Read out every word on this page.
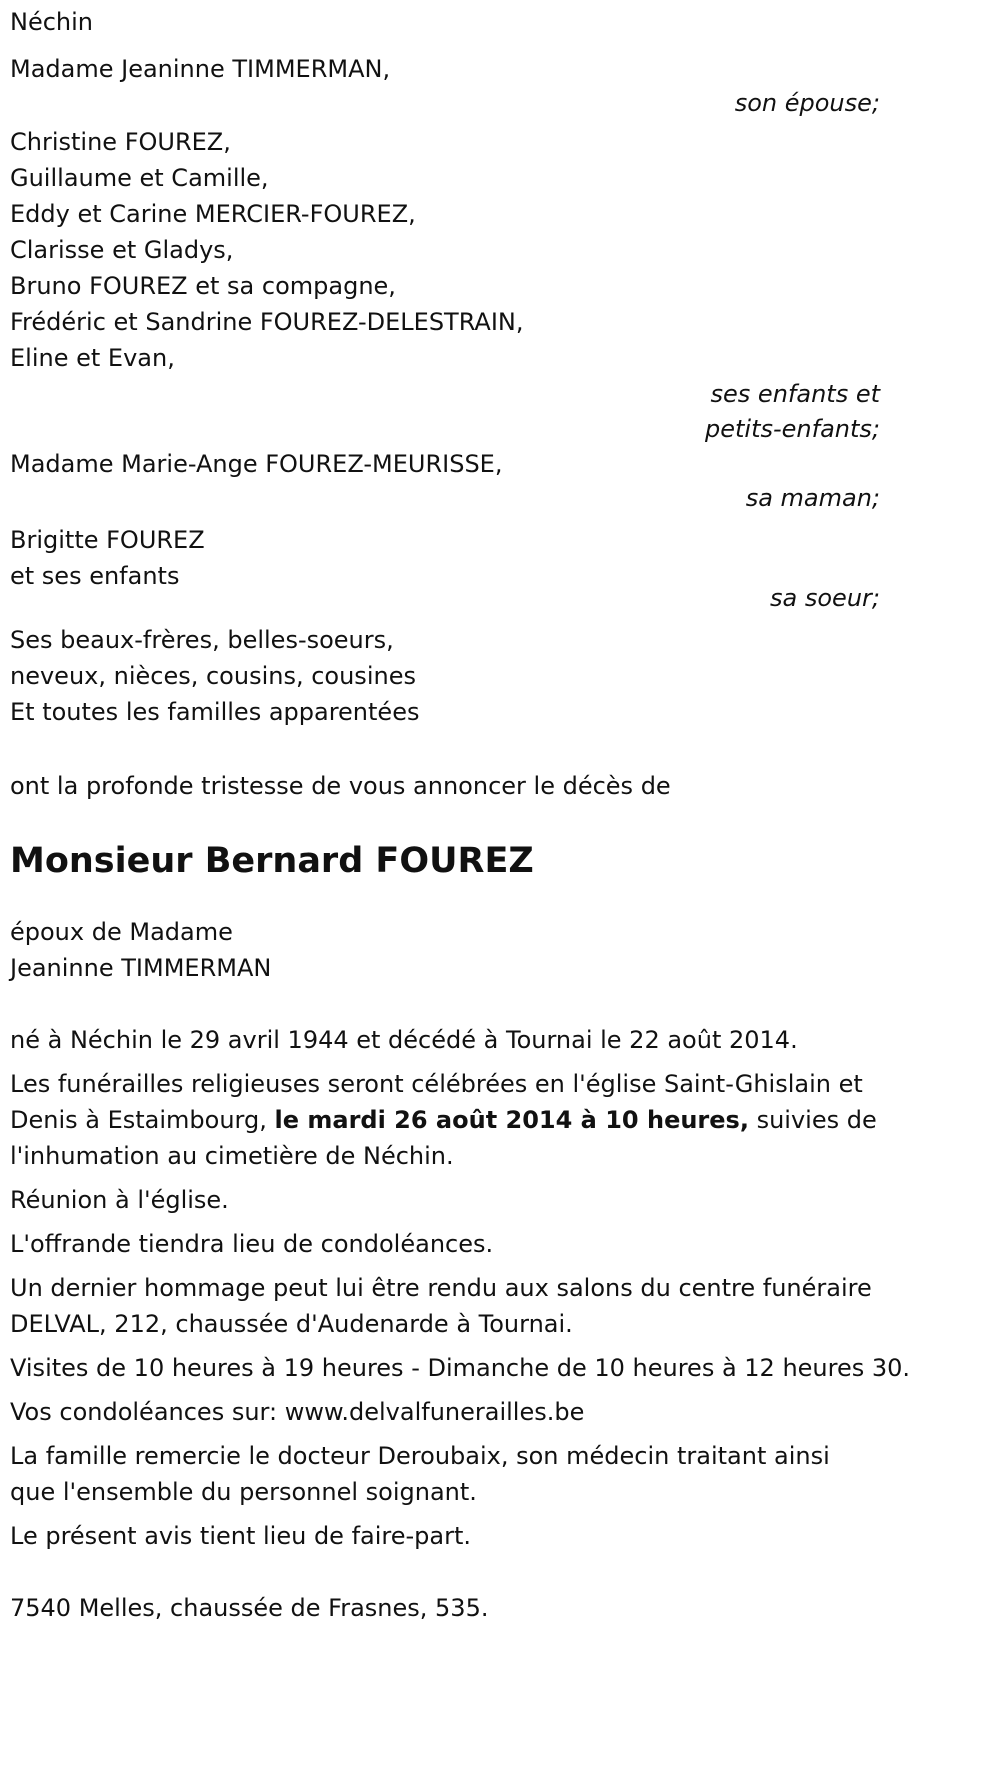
Néchin
Madame Jeaninne TIMMERMAN,
son épouse;
Christine FOUREZ,
Guillaume et Camille,
Eddy et Carine MERCIER-FOUREZ,
Clarisse et Gladys,
Bruno FOUREZ et sa compagne,
Frédéric et Sandrine FOUREZ-DELESTRAIN,
Eline et Evan,
ses enfants et
petits-enfants;
Madame Marie-Ange FOUREZ-MEURISSE,
sa maman;
Brigitte FOUREZ
et ses enfants
sa soeur;
Ses beaux-frères, belles-soeurs,
neveux, nièces, cousins, cousines
Et toutes les familles apparentées
ont la profonde tristesse de vous annoncer le décès de
Monsieur Bernard FOUREZ
époux de Madame
Jeaninne TIMMERMAN
né à Néchin le 29 avril 1944 et décédé à Tournai le 22 août 2014.
Les funérailles religieuses seront célébrées en l'église Saint-Ghislain et Denis à Estaimbourg, le mardi 26 août 2014 à 10 heures, suivies de l'inhumation au cimetière de Néchin.
Réunion à l'église.
L'offrande tiendra lieu de condoléances.
Un dernier hommage peut lui être rendu aux salons du centre funéraire DELVAL, 212, chaussée d'Audenarde à Tournai.
Visites de 10 heures à 19 heures - Dimanche de 10 heures à 12 heures 30.
Vos condoléances sur: www.delvalfunerailles.be
La famille remercie le docteur Deroubaix, son médecin traitant ainsi que l'ensemble du personnel soignant.
Le présent avis tient lieu de faire-part.
7540 Melles, chaussée de Frasnes, 535.
